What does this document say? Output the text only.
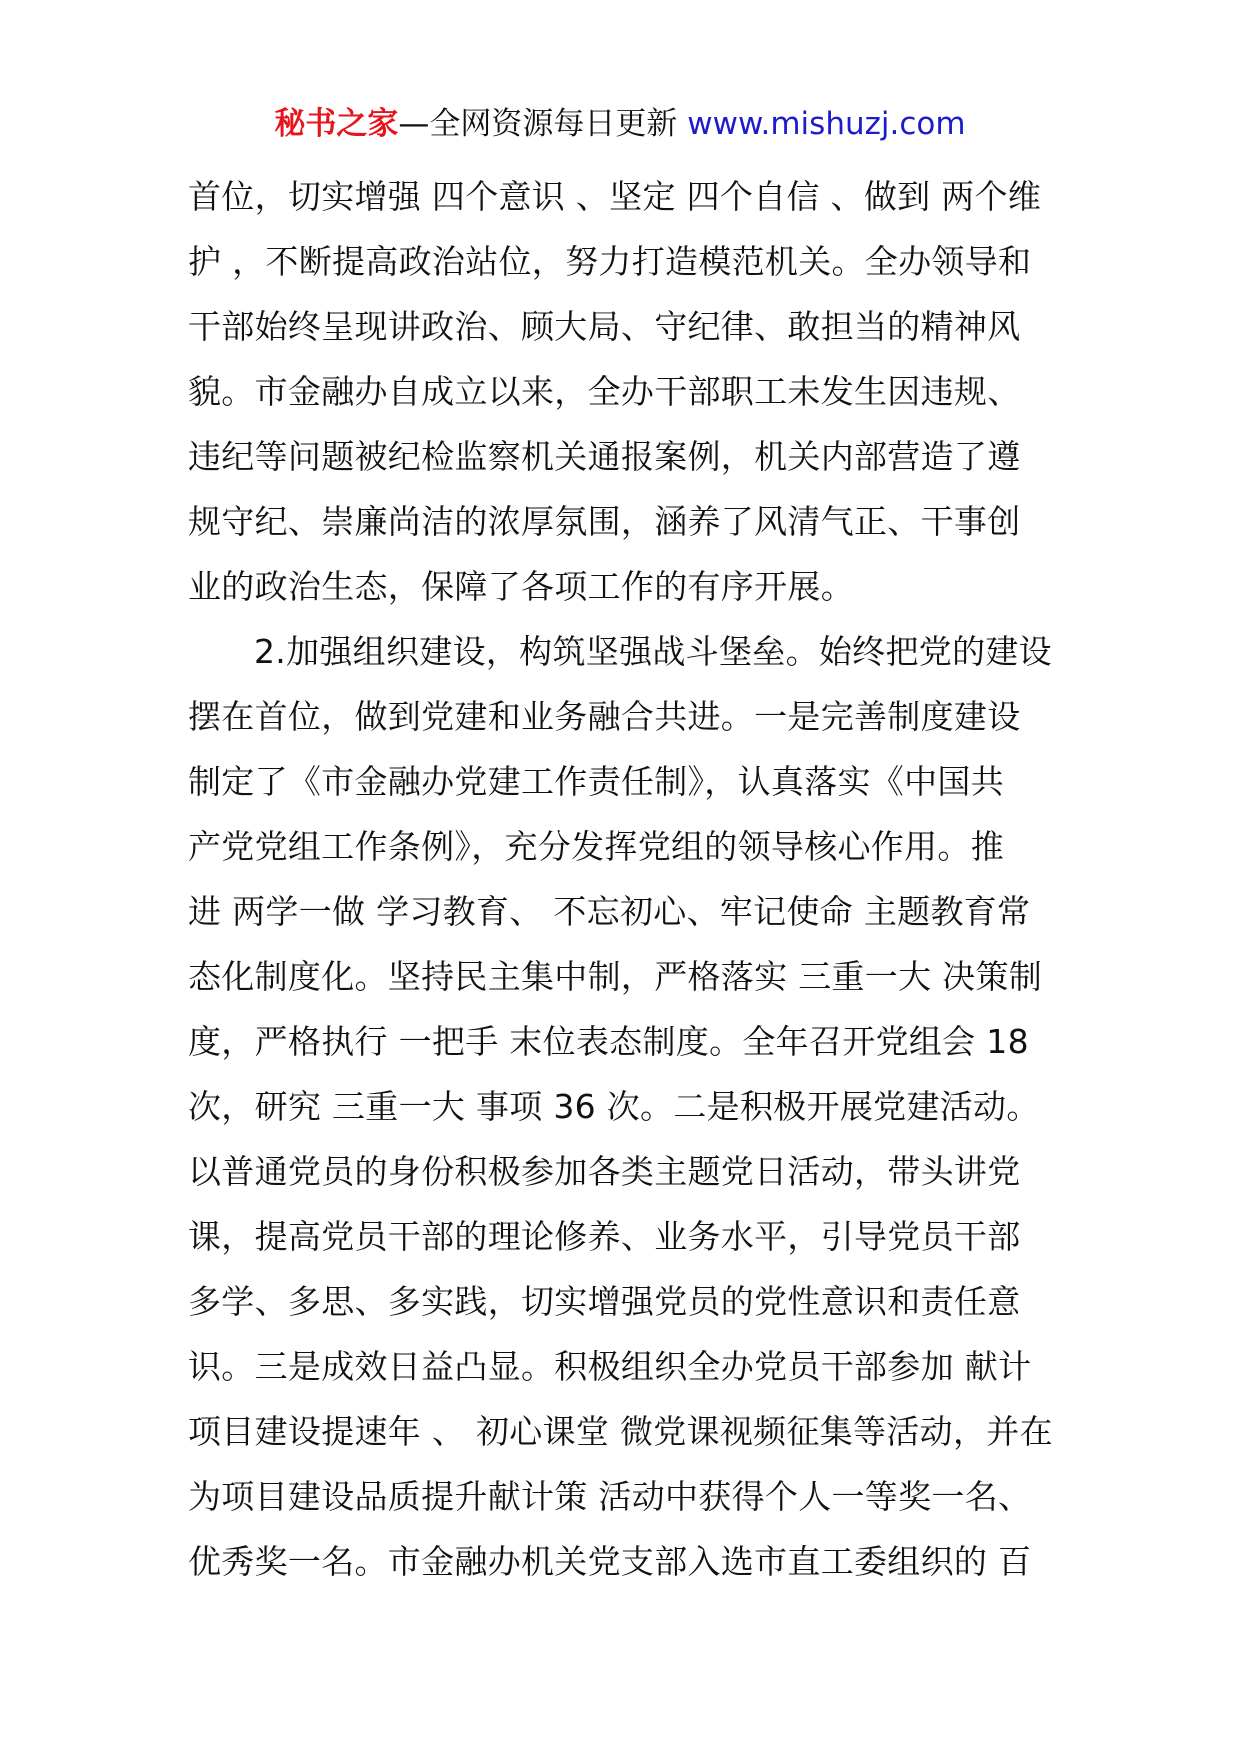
秘书之家—全网资源每日更新 www.mishuzj.com
首位，切实增强 四个意识 、坚定 四个自信 、做到 两个维
护 ，不断提高政治站位，努力打造模范机关。全办领导和
干部始终呈现讲政治、顾大局、守纪律、敢担当的精神风
貌。市金融办自成立以来，全办干部职工未发生因违规、
违纪等问题被纪检监察机关通报案例，机关内部营造了遵
规守纪、崇廉尚洁的浓厚氛围，涵养了风清气正、干事创
业的政治生态，保障了各项工作的有序开展。
2.加强组织建设，构筑坚强战斗堡垒。始终把党的建设
摆在首位，做到党建和业务融合共进。一是完善制度建设
制定了《市金融办党建工作责任制》，认真落实《中国共
产党党组工作条例》，充分发挥党组的领导核心作用。推
进 两学一做 学习教育、 不忘初心、牢记使命 主题教育常
态化制度化。坚持民主集中制，严格落实 三重一大 决策制
度，严格执行 一把手 末位表态制度。全年召开党组会 18
次，研究 三重一大 事项 36 次。二是积极开展党建活动。
以普通党员的身份积极参加各类主题党日活动，带头讲党
课，提高党员干部的理论修养、业务水平，引导党员干部
多学、多思、多实践，切实增强党员的党性意识和责任意
识。三是成效日益凸显。积极组织全办党员干部参加 献计
项目建设提速年 、 初心课堂 微党课视频征集等活动，并在
为项目建设品质提升献计策 活动中获得个人一等奖一名、
优秀奖一名。市金融办机关党支部入选市直工委组织的 百
